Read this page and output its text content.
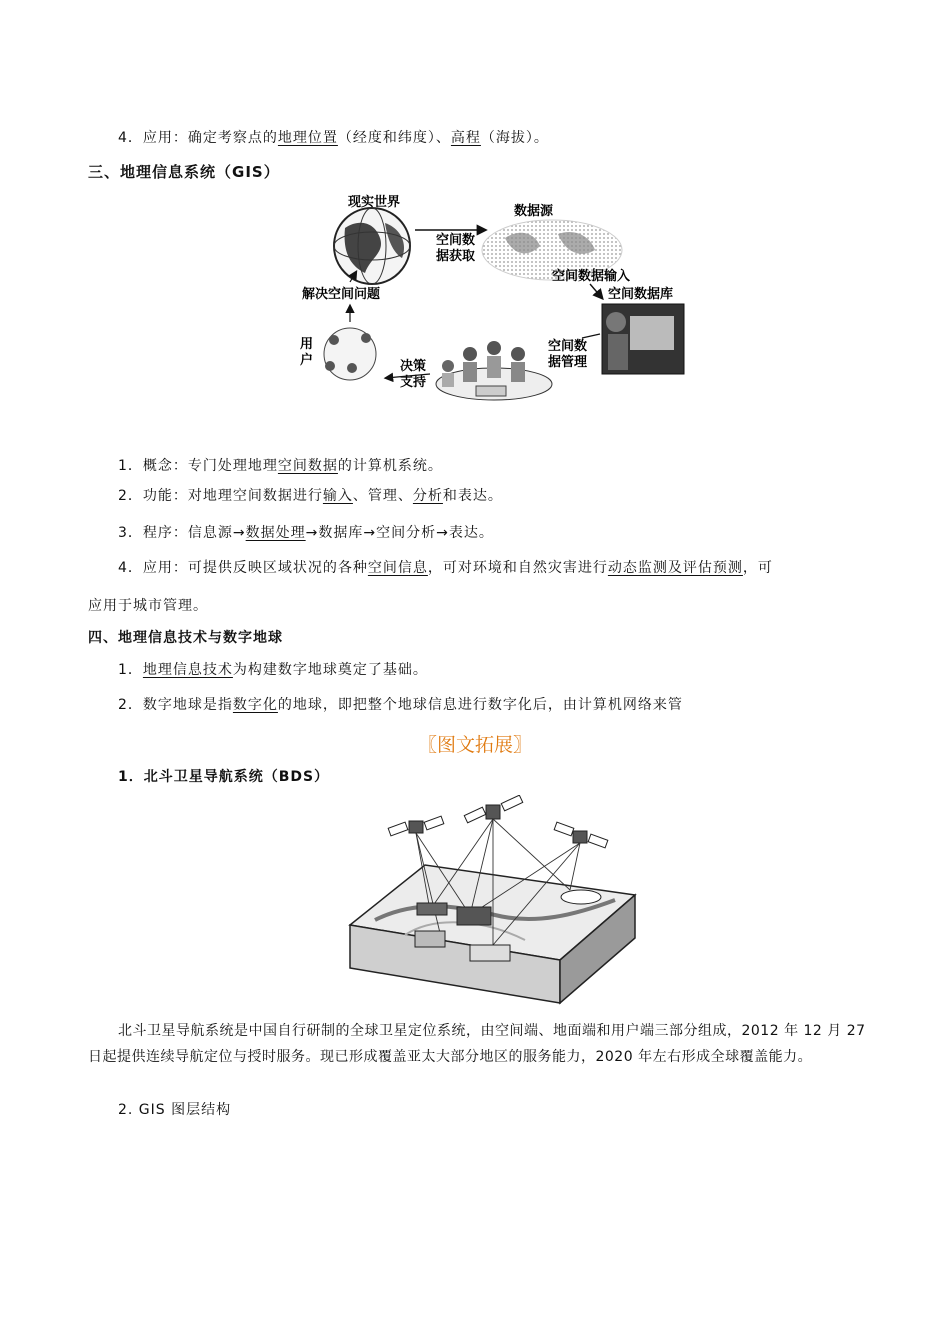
4．应用：确定考察点的地理位置（经度和纬度）、高程（海拔）。
三、地理信息系统（GIS）
现实世界
数据源
空间数
据获取
空间数据输入
空间数据库
空间数
据管理
决策
支持
用
户
解决空间问题
1．概念：专门处理地理空间数据的计算机系统。
2．功能：对地理空间数据进行输入、管理、分析和表达。
3．程序：信息源→数据处理→数据库→空间分析→表达。
4．应用：可提供反映区域状况的各种空间信息，可对环境和自然灾害进行动态监测及评估预测，可
应用于城市管理。
四、地理信息技术与数字地球
1．地理信息技术为构建数字地球奠定了基础。
2．数字地球是指数字化的地球，即把整个地球信息进行数字化后，由计算机网络来管
〖图文拓展〗
1．北斗卫星导航系统（BDS）
北斗卫星导航系统是中国自行研制的全球卫星定位系统，由空间端、地面端和用户端三部分组成，2012 年 12 月 27 日起提供连续导航定位与授时服务。现已形成覆盖亚太大部分地区的服务能力，2020 年左右形成全球覆盖能力。
2. GIS 图层结构
